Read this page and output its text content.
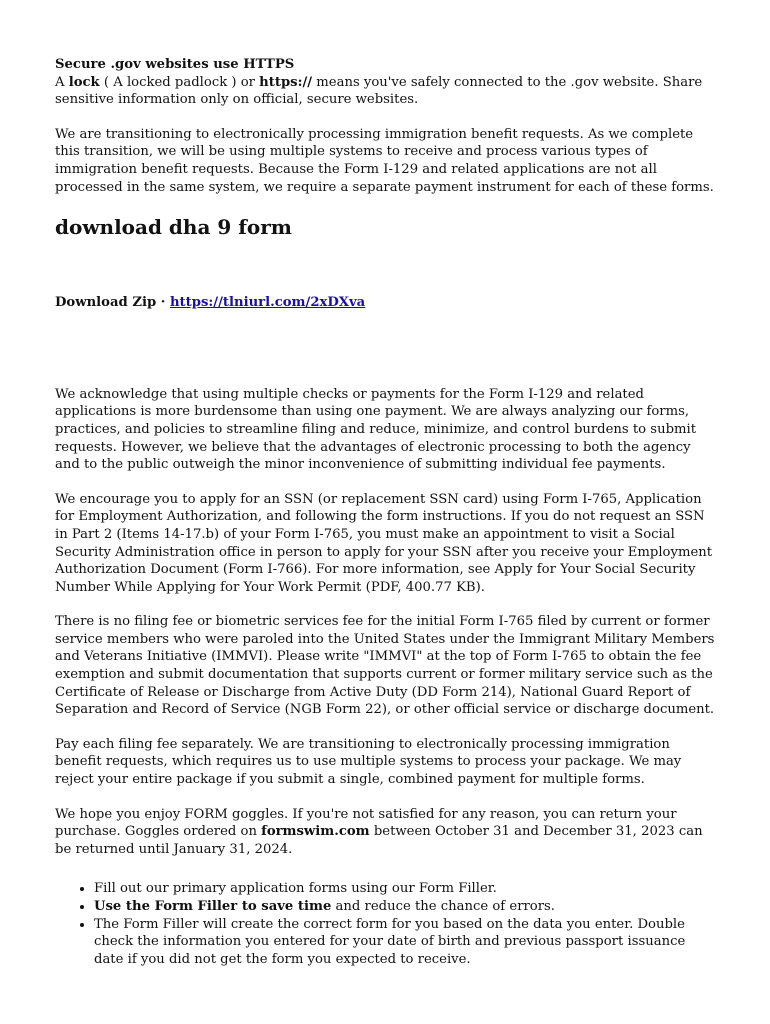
Secure .gov websites use HTTPS

A lock ( A locked padlock ) or https:// means you've safely connected to the .gov website. Share sensitive information only on official, secure websites.

We are transitioning to electronically processing immigration benefit requests. As we complete this transition, we will be using multiple systems to receive and process various types of immigration benefit requests. Because the Form I-129 and related applications are not all processed in the same system, we require a separate payment instrument for each of these forms.

download dha 9 form

Download Zip · https://tlniurl.com/2xDXva

We acknowledge that using multiple checks or payments for the Form I-129 and related applications is more burdensome than using one payment. We are always analyzing our forms, practices, and policies to streamline filing and reduce, minimize, and control burdens to submit requests. However, we believe that the advantages of electronic processing to both the agency and to the public outweigh the minor inconvenience of submitting individual fee payments.

We encourage you to apply for an SSN (or replacement SSN card) using Form I-765, Application for Employment Authorization, and following the form instructions. If you do not request an SSN in Part 2 (Items 14-17.b) of your Form I-765, you must make an appointment to visit a Social Security Administration office in person to apply for your SSN after you receive your Employment Authorization Document (Form I-766). For more information, see Apply for Your Social Security Number While Applying for Your Work Permit (PDF, 400.77 KB).

There is no filing fee or biometric services fee for the initial Form I-765 filed by current or former service members who were paroled into the United States under the Immigrant Military Members and Veterans Initiative (IMMVI). Please write "IMMVI" at the top of Form I-765 to obtain the fee exemption and submit documentation that supports current or former military service such as the Certificate of Release or Discharge from Active Duty (DD Form 214), National Guard Report of Separation and Record of Service (NGB Form 22), or other official service or discharge document.

Pay each filing fee separately. We are transitioning to electronically processing immigration benefit requests, which requires us to use multiple systems to process your package. We may reject your entire package if you submit a single, combined payment for multiple forms.

We hope you enjoy FORM goggles. If you're not satisfied for any reason, you can return your purchase. Goggles ordered on formswim.com between October 31 and December 31, 2023 can be returned until January 31, 2024.

• Fill out our primary application forms using our Form Filler.
• Use the Form Filler to save time and reduce the chance of errors.
• The Form Filler will create the correct form for you based on the data you enter. Double check the information you entered for your date of birth and previous passport issuance date if you did not get the form you expected to receive.
